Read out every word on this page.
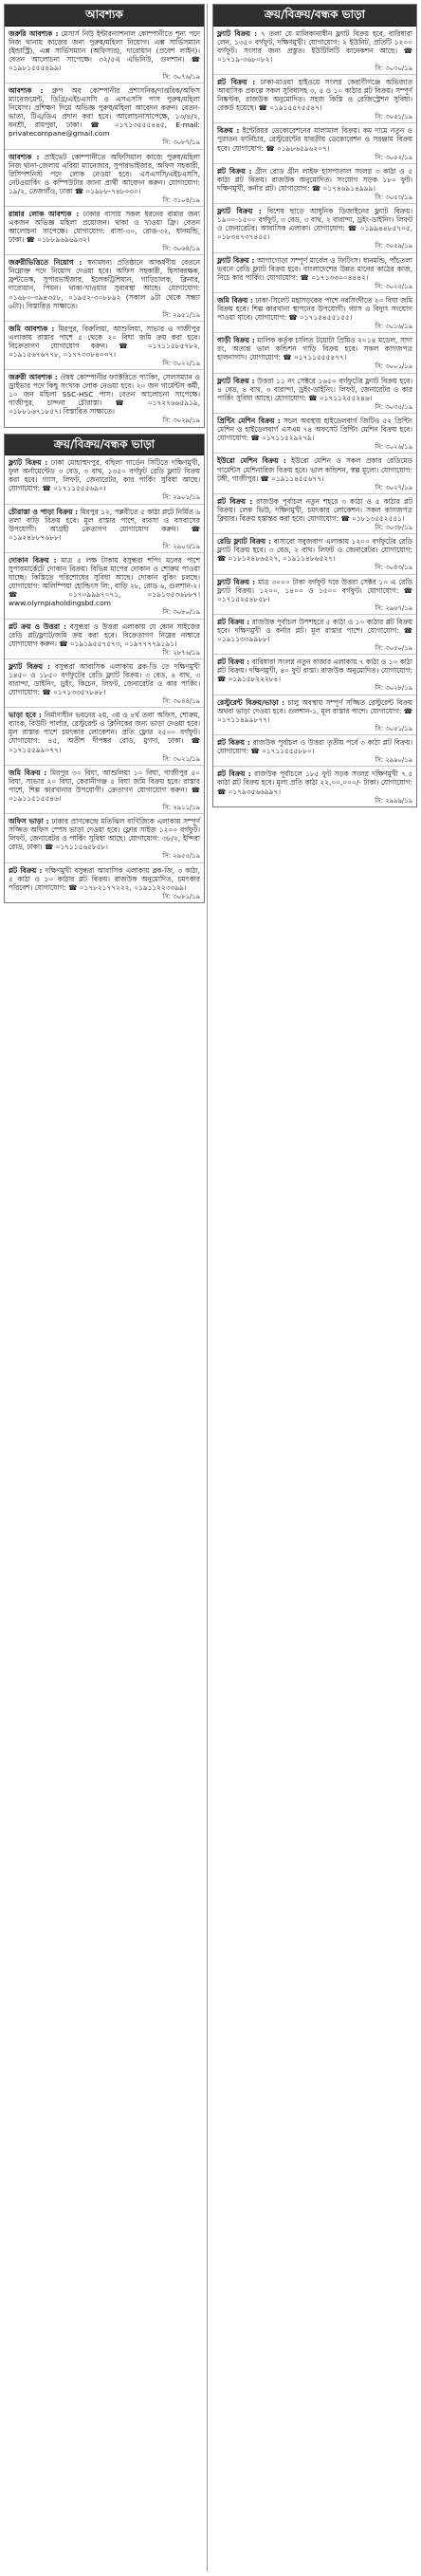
আবশ্যক
জরুরি আবশ্যক : মেসার্স নিউ ইন্টারন্যাশনাল কোম্পানীতে শূন্য পদে নিজ থানায় কাজের জন্য পুরুষ/মহিলা নিয়োগ। এক্স সার্ভিসম্যান (ইন্ডাস্ট্রি), এক্স সার্ভিসম্যান (অফিসার), দারোয়ান (প্রবেশ লাইন)। বেতন আলোচনা সাপেক্ষে। ৩২/৫এ এভিনিউ, গুলশান। ☎ ০১৯৮১৫৫৫৪৯৯।
সি: ৩০৭৬/১৯
আবশ্যক : গ্রুপ অব কোম্পানীর প্রশাসনিক/দাপ্তরিক/অফিস ম্যানেজমেন্ট, ডিগ্রি/এইচএসসি ও এসএসসি পাস পুরুষ/মহিলা নিয়োগ। প্রশিক্ষণ দিয়ে অভিজ্ঞ পুরুষ/মহিলা আবেদন করুন। বেতন-ভাতা, টিএ/ডিএ প্রদান করা হবে। আলোচনাসাপেক্ষে, ১৩/৪/২, বনশ্রী, রামপুরা, ঢাকা। ☎ ০১৭১৩৫৫৫৪৪৫, E-mail: privatecompane@gmail.com
সি: ৩০৮৭/১৯
আবশ্যক : প্রাইভেট কোম্পানীতে অফিসিয়াল কাজে পুরুষ/মহিলা নিজ থানা-জেলায় এরিয়া ম্যানেজার, সুপারভাইজার, অফিস সহকারী, রিসিপশনিস্ট পদে লোক নেওয়া হবে। এসএসসি/এইচএসসি, নেটওয়ার্কিং ও কম্পিউটার জানা প্রার্থী আবেদন করুন। যোগাযোগ: ১৯/২, তেজগাঁও, ঢাকা ☎ ০১৯৮৮-৭৪৮০৩০।
সি: ৩১০৪/১৯
রান্নার লোক আবশ্যক : ঢাকার বাসায় সকল ধরনের রান্নার জন্য একজন অভিজ্ঞ মহিলা প্রয়োজন। থাকা ও খাওয়া ফ্রি। বেতন আলোচনা সাপেক্ষে। যোগাযোগ: বাসা-৩০, রোড-৩২, ধানমন্ডি, ঢাকা। ☎ ০১৮৮৯৬৯৬৯৩২।
সি: ৩০৬৪/১৯
জরুরীভিত্তিতে নিয়োগ : স্বনামধন্য প্রতিষ্ঠানে আকর্ষণীয় বেতনে নিম্নোক্ত পদে নিয়োগ দেওয়া হবে। অফিস সহকারী, হিসাবরক্ষক, ফ্রন্টডেস্ক, সুপারভাইজার, ইলেকট্রিশিয়ান, গাড়িচালক, ক্লিনার, দারোয়ান, পিয়ন। থাকা-খাওয়ার সুব্যবস্থা আছে। যোগাযোগ: ০১৬৮০-৩৯৪৩৫৮, ০১৯৫২-৩০৮৮৯২ (সকাল ৯টা থেকে সন্ধ্যা ৬টা)। বিস্তারিত সাক্ষাতে।
সি: ২৯৫১/১৯
জমি আবশ্যক : মিরপুর, বিরুলিয়া, আশুলিয়া, সাভার ও গাজীপুর এলাকায় রাস্তার পাশে ৫ থেকে ২০ বিঘা জমি ক্রয় করা হবে। বিক্রেতাগণ যোগাযোগ করুন। ☎ ০১৭১১৫৮৫৭৮২, ০১৯১৫৬৭৬৭৭৮, ০১৭৭৩৩৮৪০০৭।
সি: ৩০২২/১৯
জরুরী আবশ্যক : ঔষধ কোম্পানীর ফ্যাক্টরিতে প্যাকিং, সেলসম্যান ও ড্রাইভার পদে কিছু সংখ্যক লোক নেওয়া হবে। ২০ জন গার্মেন্টস কর্মী, ১০ জন মহিলা SSC-HSC পাস। বেতন আলোচনা সাপেক্ষে। গাজীপুর, চান্দনা চৌরাস্তা। ☎ ০১৭২৭৬৬৫৯১৯, ০১৮৮১৬৭১৮৫৭। বিস্তারিত সাক্ষাতে।
সি: ৩০২৯/১৯
ক্রয়/বিক্রয়/বন্ধক ভাড়া
ফ্ল্যাট বিক্রয় : ঢাকা মোহাম্মদপুর, বছিলা গার্ডেন সিটিতে দক্ষিণমুখী, ফুল অর্নামেন্টেড ৩ বেড, ৩ বাথ, ১৩৫০ বর্গফুট রেডি ফ্ল্যাট বিক্রয় করা হবে। গ্যাস, লিফট, জেনারেটর, কার পার্কিং সুবিধা আছে। যোগাযোগ: ☎ ০১৭১১৫৫৫৬৯০।
সি: ২৯০১/১৯
চৌরাস্তা ও পাড়া বিক্রয় : মিরপুর ১২, পল্লবীতে ৫ কাঠা প্লটে নির্মিত ৬ তলা বাড়ি বিক্রয় হবে। মূল রাস্তার পাশে, ব্যবসা ও বসবাসের উপযোগী। আগ্রহী ক্রেতাগণ যোগাযোগ করুন। ☎ ০১৯২৪৮৮৭৬৮৮।
সি: ২৯০৩/১৯
দোকান বিক্রয় : মাত্র ৫ লক্ষ টাকায় বসুন্ধরা শপিং মলের পাশে সুপারমার্কেটে দোকান বিক্রয়। বিভিন্ন মাপের দোকান ও শোরুম পাওয়া যাচ্ছে। কিস্তিতে পরিশোধের সুবিধা আছে। দোকান বুকিং চলছে। যোগাযোগ: অলিম্পিয়া হোল্ডিংস লি:, বাড়ি ২৮, রোড ৬, গুলশান-২। ☎ ০১৭০৯৯৯৭০৭১, ০১৯১৩৫৩৬৮৮৭। www.olympiaholdingsbd.com
সি: ৩০৮০/১৯
প্লট ক্রয় ও উত্তরা : বসুন্ধরা ও উত্তরা এলাকায় যে কোন সাইজের রেডি প্লট/ফ্ল্যাট/জমি ক্রয় করা হবে। বিক্রেতাগণ নিম্নের নাম্বারে যোগাযোগ করুন। ☎ ০১৯১৯৫৫৭৫৭৩, ০১৯৭৭৭৭৯১৯১।
সি: ২৮৭৬/১৯
ফ্ল্যাট বিক্রয় : বসুন্ধরা আবাসিক এলাকায় ব্লক-ডি তে দক্ষিণমুখী ১৪৫০ ও ১৮৫০ বর্গফুটের রেডি ফ্ল্যাট বিক্রয়। ৩ বেড, ৪ বাথ, ৩ বারান্দা, ডাইনিং, ড্রইং, কিচেন, লিফট, জেনারেটর ও কার পার্কিং। যোগাযোগ: ☎ ০১৭১৩৩৫৭৮৪৮।
সি: ৩০৪৪/১৯
ভাড়া হবে : নির্মাণাধীন ভবনের ২য়, ৩য় ও ৪র্থ তলা অফিস, শোরুম, ব্যাংক, বিউটি পার্লার, রেস্টুরেন্ট ও ক্লিনিকের জন্য ভাড়া দেওয়া হবে। মূল রাস্তার পাশে চমৎকার লোকেশন। প্রতি ফ্লোর ২৫০০ বর্গফুট। যোগাযোগ: ৪৫, অতীশ দীপঙ্কর রোড, মুগদা, ঢাকা। ☎ ০১৭১৫৫৯৯০৭৭।
সি: ৩০২১/১৯
জমি বিক্রয় : মিরপুর ৩০ বিঘা, আশুলিয়া ১০ বিঘা, গাজীপুর ৫০ বিঘা, সাভার ২০ বিঘা, কেরানীগঞ্জ ৫ বিঘা জমি বিক্রয় হবে। রাস্তার পাশে, শিল্প কারখানার উপযোগী। ক্রেতাগণ যোগাযোগ করুন। ☎ ০১৯১১৫১৫৫৪৬।
সি: ২৯১১/১৯
অফিস ভাড়া : ঢাকার প্রাণকেন্দ্রে মতিঝিল বাণিজ্যিক এলাকায় সম্পূর্ণ সজ্জিত অফিস স্পেস ভাড়া দেওয়া হবে। ফ্লোর সাইজ ১২০০ বর্গফুট। লিফট, জেনারেটর ও পার্কিং সুবিধা আছে। যোগাযোগ: ৩৮/২, ইন্দিরা রোড, ঢাকা। ☎ ০১৭১১৫৬৫৮৫৮।
সি: ২৯৫৫/১৯
প্লট বিক্রয় : দক্ষিণমুখী বসুন্ধরা আবাসিক এলাকায় ব্লক-জি, ৩ কাঠা, ৫ কাঠা ও ১০ কাঠার প্লট বিক্রয়। রাজউক অনুমোদিত, চমৎকার পরিবেশ। যোগাযোগ: ☎ ০১৭৮২১৭৭২২২, ০১৯১১২২৩৩৯৯।
সি: ৩০৮১/১৯
ক্রয়/বিক্রয়/বন্ধক ভাড়া
ফ্ল্যাট বিক্রয় : ৭ তলা যে মালিকানাধীন ফ্ল্যাট বিক্রয় হবে, বারিধারা লেন, ১৩৫০ বর্গফুট, দক্ষিণমুখী। যোগাযোগ: ২ ইউনিট, প্রতিটি ১২০০ বর্গফুট। সংসার জন্য প্রস্তুত। ইউটিলিটি কানেকশন আছে। ☎ ০১৭১৯-৩৬৮০৮২।
সি: ৩০৩০/১৯
প্লট বিক্রয় : ঢাকা-মাওয়া হাইওয়ে সংলগ্ন কেরাণীগঞ্জে অভিজাত আবাসিক প্রকল্পে সকল সুবিধাসহ ৩, ৫ ও ১০ কাঠার প্লট বিক্রয়। সম্পূর্ণ নিষ্কণ্টক, রাজউক অনুমোদিত। সহজ কিস্তি ও রেজিস্ট্রেশন সুবিধা। রেকর্ড হয়েছে। ☎ ০১৯১৫৫৭৫৫৪৭।
সি: ৩০৫১/১৯
বিক্রয় : ইন্টেরিয়র ডেকোরেশনের মালামাল বিক্রয়। কম দামে নতুন ও পুরাতন ফার্নিচার, রেস্টুরেন্টের যাবতীয় ডেকোরেশন ও সরঞ্জাম বিক্রয় হবে। যোগাযোগ: ☎ ০১৯৮৬৫৯৬২০৭।
সি: ৩০৫২/১৯
প্লট বিক্রয় : গ্রীন রোড গ্রীন লাইফ হাসপাতাল সংলগ্ন ৩ কাঠা ও ৫ কাঠা প্লট বিক্রয়। রাজউক অনুমোদিত। সংযোগ সড়ক ১৮০ ফুট। দক্ষিণমুখী, কর্নার প্লট। যোগাযোগ: ☎ ০১৭৪৬৯১৪৯৯৯।
সি: ৩০৫৩/১৯
ফ্ল্যাট বিক্রয় : বিশেষ ছাড়ে আধুনিক ডিজাইনের ফ্ল্যাট বিক্রয়। ১৯০০-১৫০০ বর্গফুট, ৩ বেড, ৩ বাথ, ২ বারান্দা, ড্রইং-ডাইনিং। লিফট ও জেনারেটর। আবাসিক এলাকা। যোগাযোগ: ☎ ০১৯৯৪৪৮৫৭০৫, ০১৮৩৪৭৩৭৪৫৫।
সি: ৩০৫৯/১৯
ফ্ল্যাট বিক্রয় : আগাগোড়া সম্পূর্ণ মার্বেল ও ফিটিংস। ধানমন্ডি, পাঁচতলা ভবনে রেডি ফ্ল্যাট বিক্রয় হবে। বাংলাদেশের উন্নত মানের কাঠের কাজ, নিচে কার পার্কিং। যোগাযোগ: ☎ ০১৭১৩৩০০৪৪৪২।
সি: ৩০২৫/১৯
জমি বিক্রয় : ঢাকা-সিলেট মহাসড়কের পাশে নরসিংদীতে ২০ বিঘা জমি বিক্রয় হবে। শিল্প কারখানা স্থাপনের উপযোগী। গ্যাস ও বিদ্যুৎ সংযোগ পাওয়া যাবে। যোগাযোগ: ☎ ০১৭১৫৪৫৫১৫৫।
সি: ৩০১৬/১৯
গাড়ী বিক্রয় : মালিক কর্তৃক চালিত টয়োটা প্রিমিও ২০১৪ মডেল, সাদা রং, অত্যন্ত ভাল কন্ডিশন গাড়ি বিক্রয় হবে। সকল কাগজপত্র হালনাগাদ। যোগাযোগ: ☎ ০১৭১১৫৫৫৪৭৭।
সি: ৩০০১/১৯
ফ্ল্যাট বিক্রয় : উত্তরা ১১ নং সেক্টরে ১৬৫০ বর্গফুটের ফ্ল্যাট বিক্রয় হবে। ৪ বেড, ৪ বাথ, ৩ বারান্দা, ড্রইং-ডাইনিং। লিফট, জেনারেটর ও কার পার্কিং সুবিধা আছে। যোগাযোগ: ☎ ০১৭১১২৫৫২৪৬।
সি: ৩০৩৫/১৯
প্রিন্টিং মেশিন বিক্রয় : সচল অবস্থায় হাইডেলবার্গ জিটিও ৫২ প্রিন্টিং মেশিন ও হাইডেলবার্গ এসএম ৭৪ অফসেট প্রিন্টিং মেশিন বিক্রয় হবে। যোগাযোগ: ☎ ০১৭১১৫২৯২৭৯।
সি: ৩০২৬/১৯
ইউরো মেশিন বিক্রয় : ইউরো মেশিন ও সকল প্রকার রেডিমেড গার্মেন্টস মেশিনারিজ বিক্রয় হবে। ভাল কন্ডিশন, স্বল্প মূল্যে। যোগাযোগ: টঙ্গী, গাজীপুর। ☎ ০১৯১১৪৫৫৬৭৭।
সি: ৩০২৭/১৯
প্লট বিক্রয় : রাজউক পূর্বাচল নতুন শহরে ৩ কাঠা ও ৫ কাঠার প্লট বিক্রয়। লেক ভিউ, দক্ষিণমুখী, চমৎকার লোকেশন। সকল কাগজপত্র ক্লিয়ার। বিক্রয় হস্তান্তর করা হবে। যোগাযোগ: ☎ ০১৮১৩৫৫২৫৫১।
সি: ৩০৩৮/১৯
রেডি ফ্ল্যাট বিক্রয় : বাসাবো সবুজবাগ এলাকায় ১২০০ বর্গফুটের রেডি ফ্ল্যাট বিক্রয় হবে। ৩ বেড, ২ বাথ। লিফট ও জেনারেটর। যোগাযোগ: ☎ ০১৮১২৪৮৬৫২৭, ০১৯১১৪৮৬৫২৭।
সি: ৩০৪৩/১৯
ফ্ল্যাট বিক্রয় : মাত্র ৩০০০ টাকা বর্গফুট দরে উত্তরা সেক্টর ১০ এ রেডি ফ্ল্যাট বিক্রয়। ১২০০, ১৪০০ ও ১৫০০ বর্গফুট। যোগাযোগ: ☎ ০১৭১৫২৫৪৮৫৮।
সি: ২৯৬৭/১৯
প্লট বিক্রয় : রাজউক পূর্বাচল উপশহরে ৫ কাঠা ও ১০ কাঠার প্লট বিক্রয় হবে। দক্ষিণমুখী ও কর্নার প্লট। মূল রাস্তার পাশে। যোগাযোগ: ☎ ০১৯১১৩৩৯৯৮৮।
সি: ৩০৫০/১৯
প্লট বিক্রয় : বারিধারা সংলগ্ন নতুন বাজার এলাকায় ৭ কাঠা ও ১০ কাঠা প্লট বিক্রয়। দক্ষিণমুখী, ৪০ ফুট রাস্তা। রাজউক অনুমোদিত। যোগাযোগ: ☎ ০১৯১৫৮২২২৮৪।
সি: ৩০২৮/১৯
রেস্টুরেন্ট বিক্রয়/ভাড়া : চালু অবস্থায় সম্পূর্ণ সজ্জিত রেস্টুরেন্ট বিক্রয় অথবা ভাড়া দেওয়া হবে। গুলশান-১, মূল রাস্তার পাশে। যোগাযোগ: ☎ ০১৭১১৪৯৯৮৭৭।
সি: ৩০৫১/১৯
প্লট বিক্রয় : রাজউক পূর্বাচল ও উত্তরা তৃতীয় পর্বে ৩ কাঠা প্লট বিক্রয়। যোগাযোগ: ☎ ০১৭১১৫৫৫৮৮০।
সি: ২৯৯০/১৯
প্লট বিক্রয় : রাজউক পূর্বাচলে ১৮৫ ফুট সড়ক সংলগ্ন দক্ষিণমুখী ৭.৫ কাঠা প্লট বিক্রয় হবে। মূল্য প্রতি কাঠা ২২,০০,০০০/- টাকা। যোগাযোগ: ☎ ০১৭৯৩৫৬৬৯৯৭।
সি: ২৯৯৯/১৯
